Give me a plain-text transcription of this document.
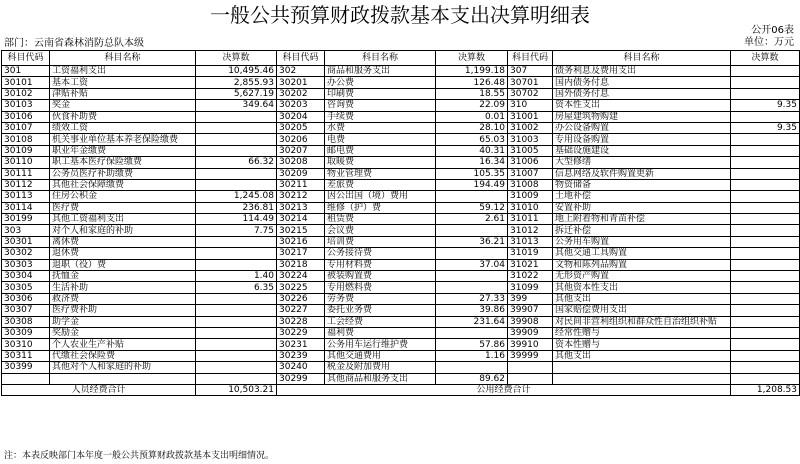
一般公共预算财政拨款基本支出决算明细表
公开06表
部门：云南省森林消防总队本级	单位：万元
科目代码	科目名称	决算数	科目代码	科目名称	决算数	科目代码	科目名称	决算数
301	工资福利支出	10,495.46	302	商品和服务支出	1,199.18	307	债务利息及费用支出	
30101	基本工资	2,855.93	30201	办公费	126.48	30701	国内债务付息	
30102	津贴补贴	5,627.19	30202	印刷费	18.55	30702	国外债务付息	
30103	奖金	349.64	30203	咨询费	22.09	310	资本性支出	9.35
30106	伙食补助费		30204	手续费	0.01	31001	房屋建筑物购建	
30107	绩效工资		30205	水费	28.10	31002	办公设备购置	9.35
30108	机关事业单位基本养老保险缴费		30206	电费	65.03	31003	专用设备购置	
30109	职业年金缴费		30207	邮电费	40.31	31005	基础设施建设	
30110	职工基本医疗保险缴费	66.32	30208	取暖费	16.34	31006	大型修缮	
30111	公务员医疗补助缴费		30209	物业管理费	105.35	31007	信息网络及软件购置更新	
30112	其他社会保障缴费		30211	差旅费	194.49	31008	物资储备	
30113	住房公积金	1,245.08	30212	因公出国（境）费用		31009	土地补偿	
30114	医疗费	236.81	30213	维修（护）费	59.12	31010	安置补助	
30199	其他工资福利支出	114.49	30214	租赁费	2.61	31011	地上附着物和青苗补偿	
303	对个人和家庭的补助	7.75	30215	会议费		31012	拆迁补偿	
30301	离休费		30216	培训费	36.21	31013	公务用车购置	
30302	退休费		30217	公务接待费		31019	其他交通工具购置	
30303	退职（役）费		30218	专用材料费	37.04	31021	文物和陈列品购置	
30304	抚恤金	1.40	30224	被装购置费		31022	无形资产购置	
30305	生活补助	6.35	30225	专用燃料费		31099	其他资本性支出	
30306	救济费		30226	劳务费	27.33	399	其他支出	
30307	医疗费补助		30227	委托业务费	39.86	39907	国家赔偿费用支出	
30308	助学金		30228	工会经费	231.64	39908	对民间非营利组织和群众性自治组织补贴	
30309	奖励金		30229	福利费		39909	经常性赠与	
30310	个人农业生产补贴		30231	公务用车运行维护费	57.86	39910	资本性赠与	
30311	代缴社会保险费		30239	其他交通费用	1.16	39999	其他支出	
30399	其他对个人和家庭的补助		30240	税金及附加费用				
			30299	其他商品和服务支出	89.62			
人员经费合计		10,503.21	公用经费合计					1,208.53
注：本表反映部门本年度一般公共预算财政拨款基本支出明细情况。
